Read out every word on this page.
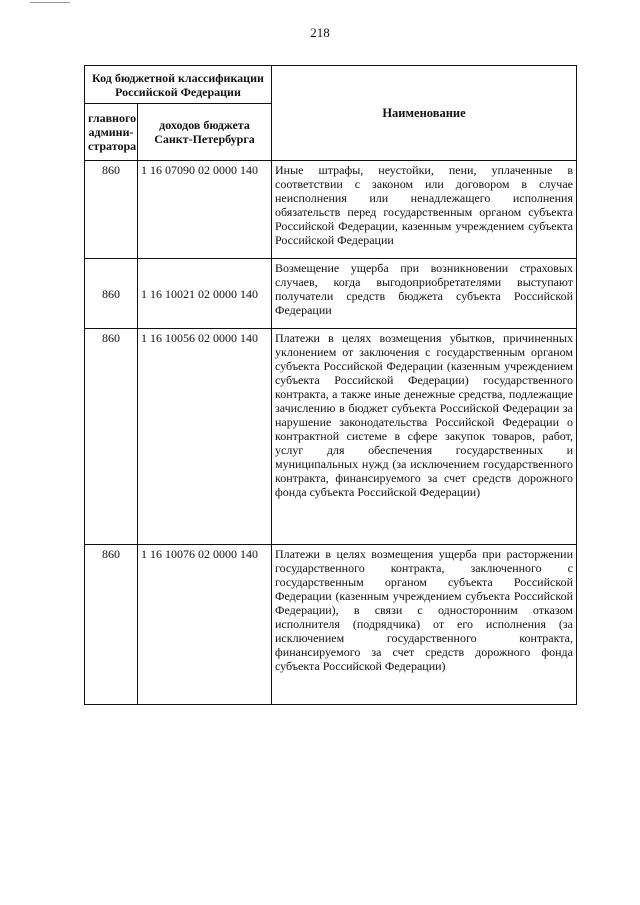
218
Код бюджетной классификации Российской Федерации		Наименование
главного админи-стратора	доходов бюджета Санкт-Петербурга	
860	1 16 07090 02 0000 140	Иные штрафы, неустойки, пени, уплаченные в соответствии с законом или договором в случае неисполнения или ненадлежащего исполнения обязательств перед государственным органом субъекта Российской Федерации, казенным учреждением субъекта Российской Федерации
860	1 16 10021 02 0000 140	Возмещение ущерба при возникновении страховых случаев, когда выгодоприобретателями выступают получатели средств бюджета субъекта Российской Федерации
860	1 16 10056 02 0000 140	Платежи в целях возмещения убытков, причиненных уклонением от заключения с государственным органом субъекта Российской Федерации (казенным учреждением субъекта Российской Федерации) государственного контракта, а также иные денежные средства, подлежащие зачислению в бюджет субъекта Российской Федерации за нарушение законодательства Российской Федерации о контрактной системе в сфере закупок товаров, работ, услуг для обеспечения государственных и муниципальных нужд (за исключением государственного контракта, финансируемого за счет средств дорожного фонда субъекта Российской Федерации)
860	1 16 10076 02 0000 140	Платежи в целях возмещения ущерба при расторжении государственного контракта, заключенного с государственным органом субъекта Российской Федерации (казенным учреждением субъекта Российской Федерации), в связи с односторонним отказом исполнителя (подрядчика) от его исполнения (за исключением государственного контракта, финансируемого за счет средств дорожного фонда субъекта Российской Федерации)
